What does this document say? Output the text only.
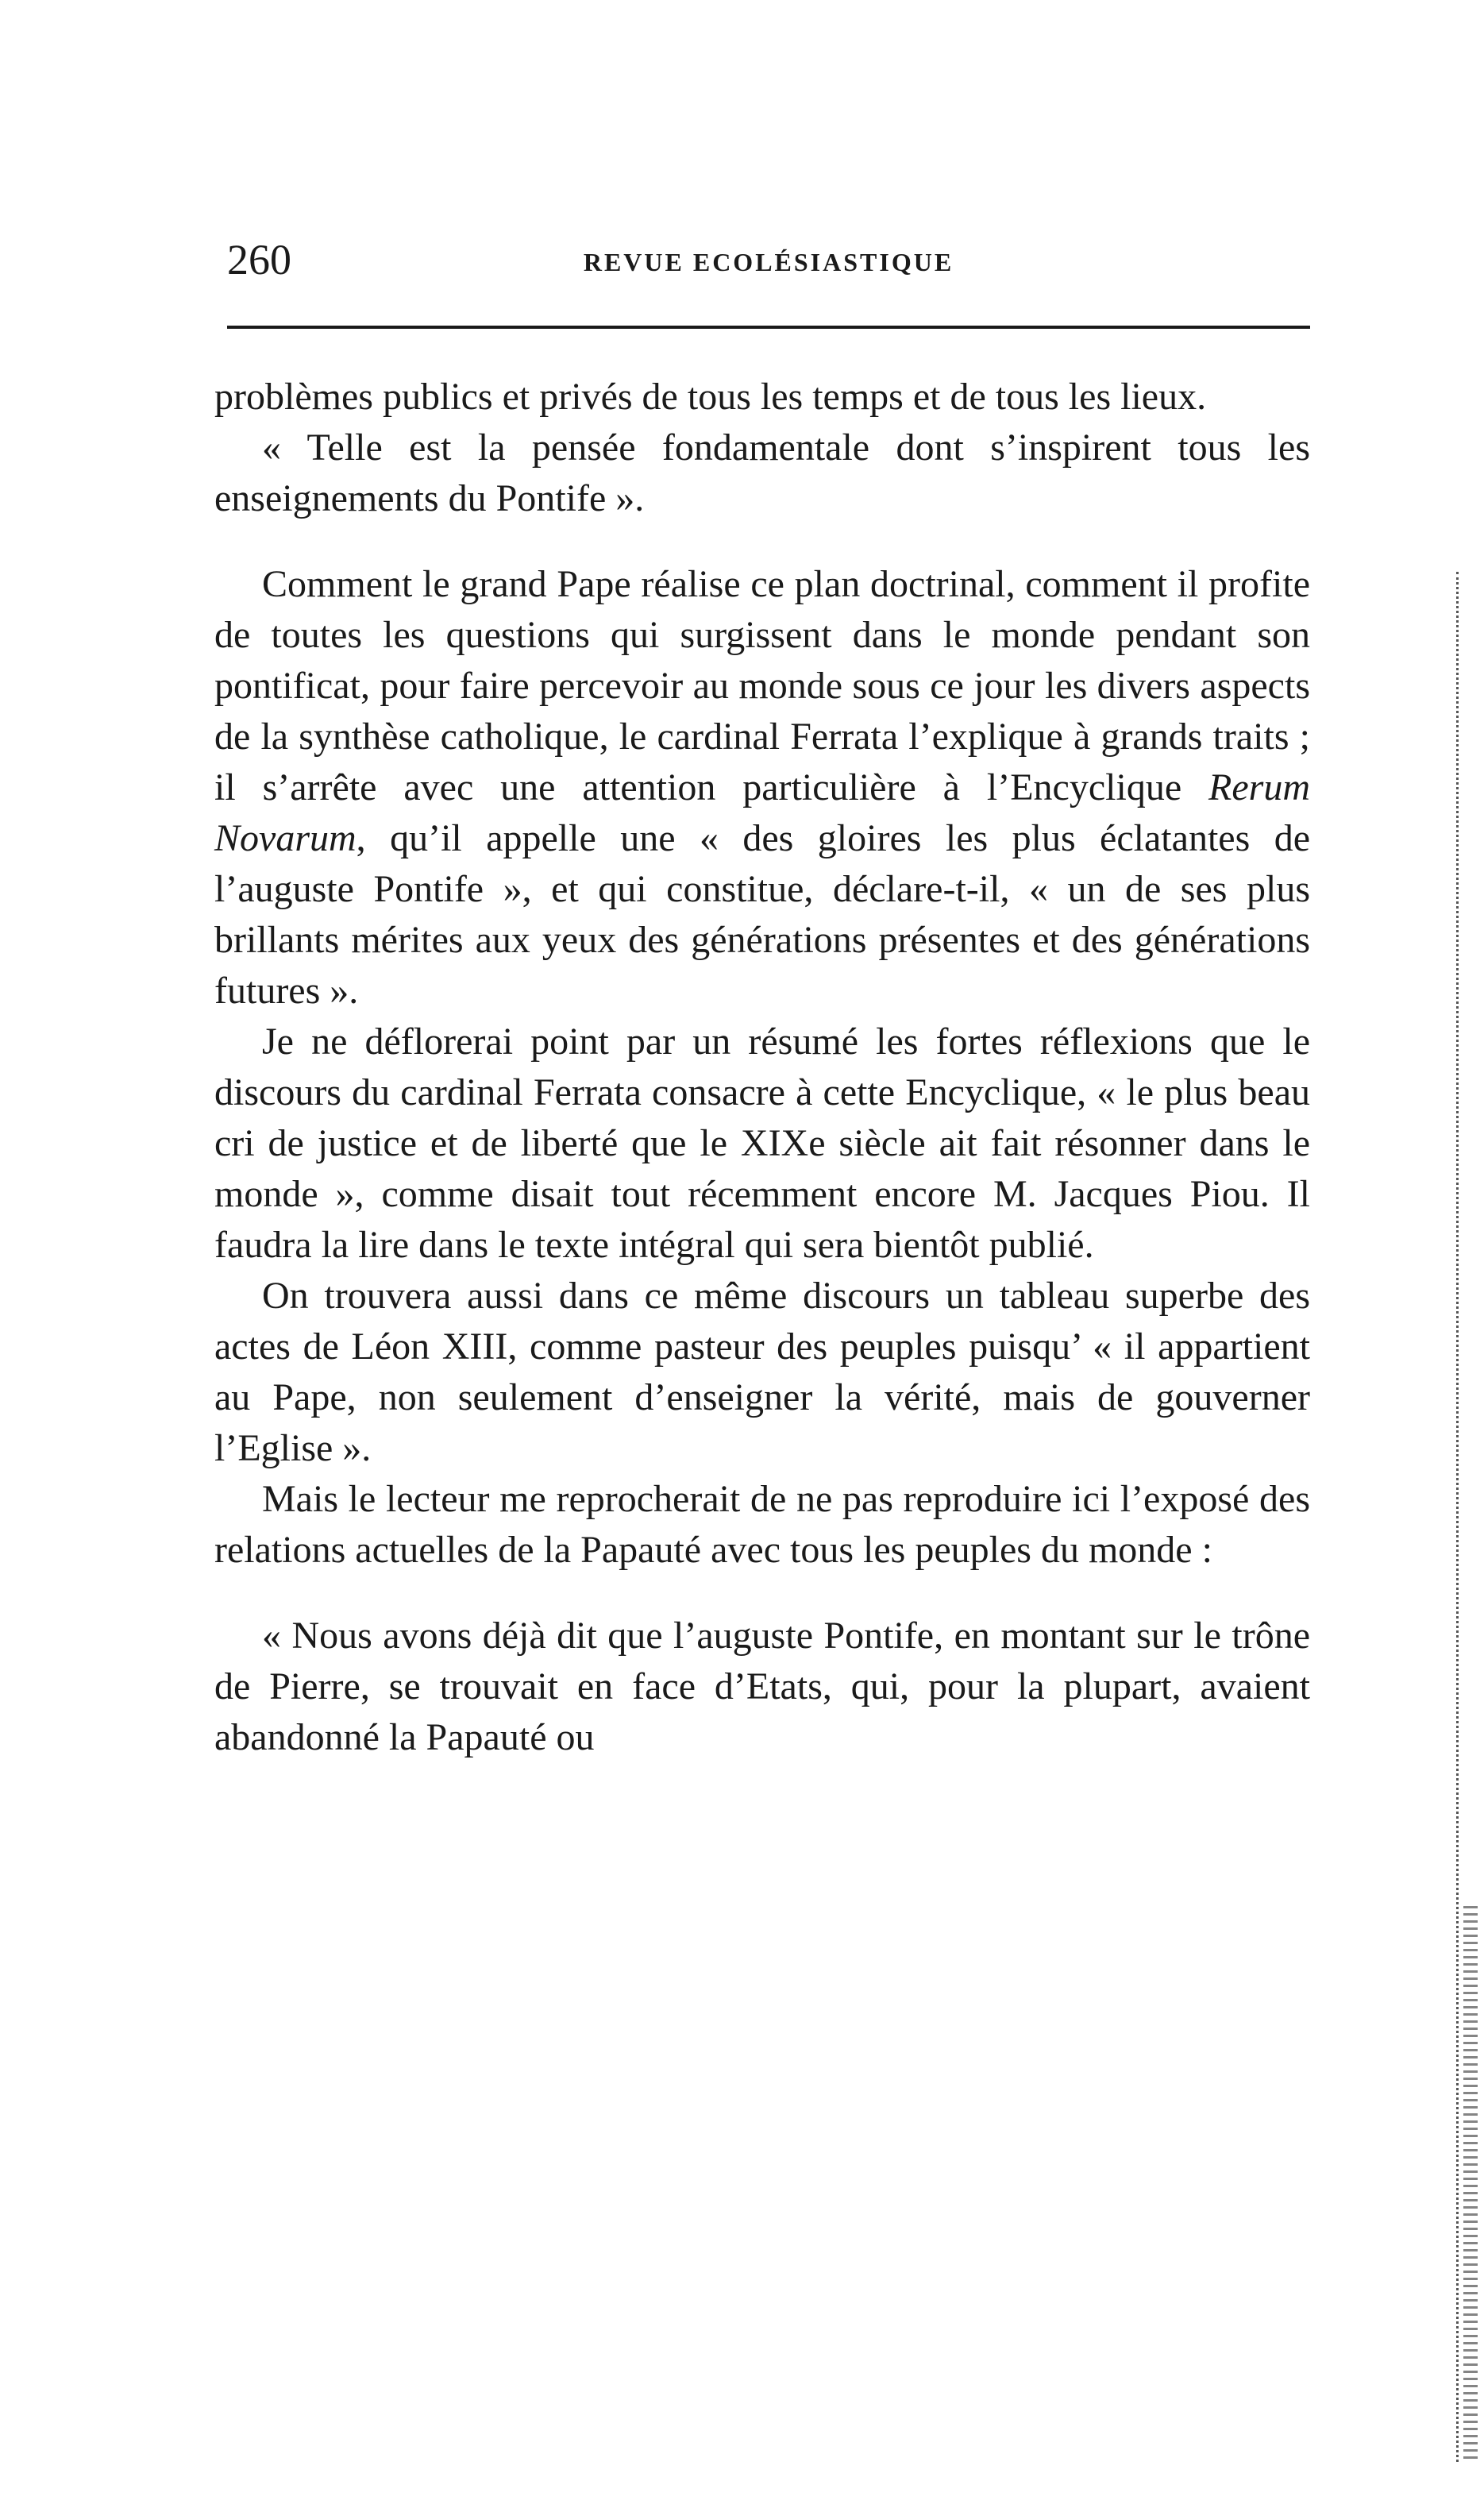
260	REVUE ECOLÉSIASTIQUE

problèmes publics et privés de tous les temps et de tous les lieux.

« Telle est la pensée fondamentale dont s’inspirent tous les enseignements du Pontife ».

Comment le grand Pape réalise ce plan doctrinal, comment il profite de toutes les questions qui surgissent dans le monde pendant son pontificat, pour faire percevoir au monde sous ce jour les divers aspects de la synthèse catholique, le cardinal Ferrata l’explique à grands traits ; il s’arrête avec une attention particulière à l’Encyclique Rerum Novarum, qu’il appelle une « des gloires les plus éclatantes de l’auguste Pontife », et qui constitue, déclare-t-il, « un de ses plus brillants mérites aux yeux des générations présentes et des générations futures ».

Je ne déflorerai point par un résumé les fortes réflexions que le discours du cardinal Ferrata consacre à cette Encyclique, « le plus beau cri de justice et de liberté que le XIXe siècle ait fait résonner dans le monde », comme disait tout récemment encore M. Jacques Piou. Il faudra la lire dans le texte intégral qui sera bientôt publié.

On trouvera aussi dans ce même discours un tableau superbe des actes de Léon XIII, comme pasteur des peuples puisqu’ « il appartient au Pape, non seulement d’enseigner la vérité, mais de gouverner l’Eglise ».

Mais le lecteur me reprocherait de ne pas reproduire ici l’exposé des relations actuelles de la Papauté avec tous les peuples du monde :

« Nous avons déjà dit que l’auguste Pontife, en montant sur le trône de Pierre, se trouvait en face d’Etats, qui, pour la plupart, avaient abandonné la Papauté ou
